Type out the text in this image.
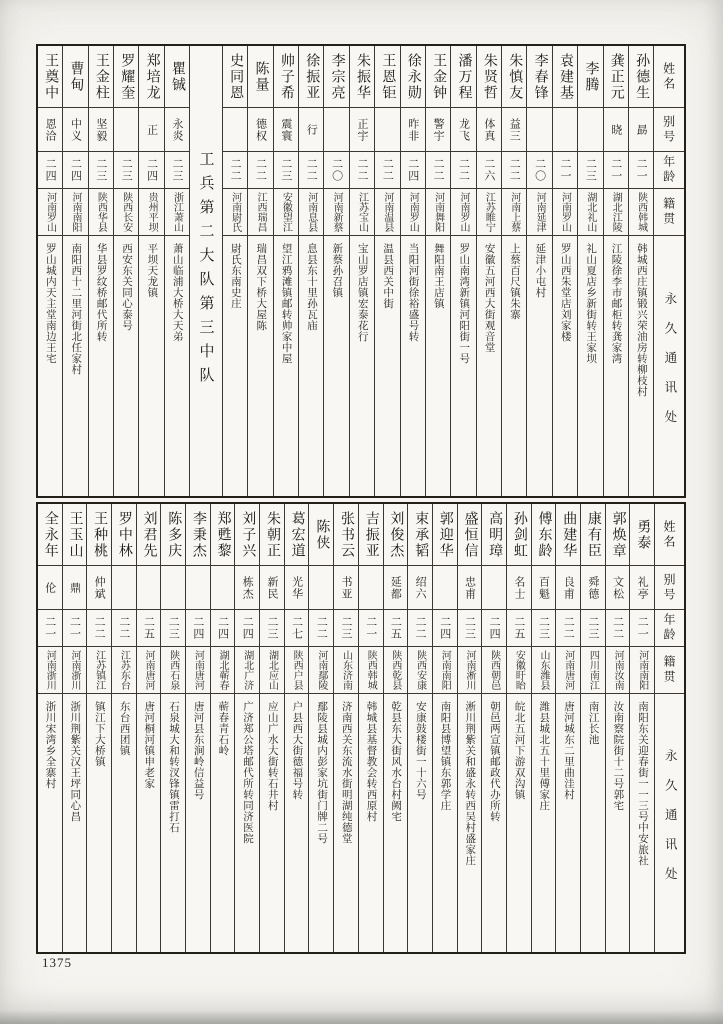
姓名
别号
年龄
籍贯
永久通讯处
孙德生
勗
二一
陕西韩城
韩城西庄镇锻兴荣油房转柳枝村
龚正元
晓
二一
湖北江陵
江陵徐李市邮柜转龚家湾
李腾
二三
湖北礼山
礼山夏店乡新街转王家坝
袁建基
二一
河南罗山
罗山西朱堂店刘家楼
李春锋
二〇
河南延津
延津小屯村
朱慎友
益三
二二
河南上蔡
上蔡百尺镇朱寨
朱贤哲
体真
二六
江苏睢宁
安徽五河西大街观音堂
潘万程
龙飞
二二
河南罗山
罗山南湾新镇河阳街一号
王金钟
警宇
二二
河南舞阳
舞阳南王店镇
徐永勋
昨非
二四
河南罗山
当阳河街徐裕盛号转
王恩钜
二二
河南温县
温县西关中街
朱振华
正宇
二二
江苏宝山
宝山罗店镇宏泰花行
李宗亮
二〇
河南新蔡
新蔡孙召镇
徐振亚
行
二二
河南息县
息县东十里孙瓦庙
帅子希
震寰
二三
安徽望江
望江鸦滩镇邮转帅家中屋
陈量
德权
二二
江西瑞昌
瑞昌双下桥大屋陈
史同恩
二二
河南尉氏
尉氏东南史庄
工兵第二大队第三中队
瞿铖
永炎
二三
浙江萧山
萧山临浦大桥大天弟
郑培龙
正
二四
贵州平坝
平坝天龙镇
罗耀奎
二三
陕西长安
西安东关同心泰号
王金柱
坚毅
二三
陕西华县
华县罗纹桥邮代所转
曹甸
中义
二四
河南南阳
南阳西十二里河街北任家村
王奠中
恩洽
二四
河南罗山
罗山城内天主堂南边王宅
姓名
别号
年龄
籍贯
永久通讯处
勇泰
礼亭
二一
河南南阳
南阳东关迎春街一一三号中安旅社
郭焕章
文松
二二
河南汝南
汝南察院街十二号郭宅
康有臣
舜德
二三
四川南江
南江长池
曲建华
良甫
二二
河南唐河
唐河城东二里曲洼村
傅东龄
百魁
二三
山东潍县
潍县城北五十里傅家庄
孙剑虹
名士
二五
安徽盱眙
皖北五河下游双沟镇
高明璋
二四
陕西朝邑
朝邑两宣镇邮政代办所转
盛恒信
忠甫
二三
河南淅川
淅川荆紫关和盛永转西吴村盛家庄
郭迎华
二四
河南南阳
南阳县博望镇东郭学庄
束承韬
绍六
二二
陕西安康
安康鼓楼街一十六号
刘俊杰
延都
二五
陕西乾县
乾县东大街风水台村阙宅
吉振亚
二一
陕西韩城
韩城县基督教会转西原村
张书云
书亚
二三
山东济南
济南西关东流水街明湖纯德堂
陈侠
二二
河南鄢陵
鄢陵县城内彭家坑街门牌二号
葛宏道
光华
二七
陕西户县
户县西大街德福号转
朱朝正
新民
二三
湖北应山
应山广水大街转石井村
刘子兴
栋杰
二四
湖北广济
广济郑公塔邮代所转同济医院
郑甦黎
二四
湖北蕲春
蕲春青石岭
李秉杰
二四
河南唐河
唐河县东涧岭信益号
陈多庆
二三
陕西石泉
石泉城大和转汊锋镇雷打石
刘君先
二五
河南唐河
唐河桐河镇申老家
罗中林
二二
江苏东台
东台西团镇
王种桃
仲斌
二二
江苏镇江
镇江下大桥镇
王玉山
鼎
二一
河南浙川
浙川荆紫关汉王坪同心昌
全永年
伦
二一
河南浙川
浙川宋湾乡全寨村
1375
